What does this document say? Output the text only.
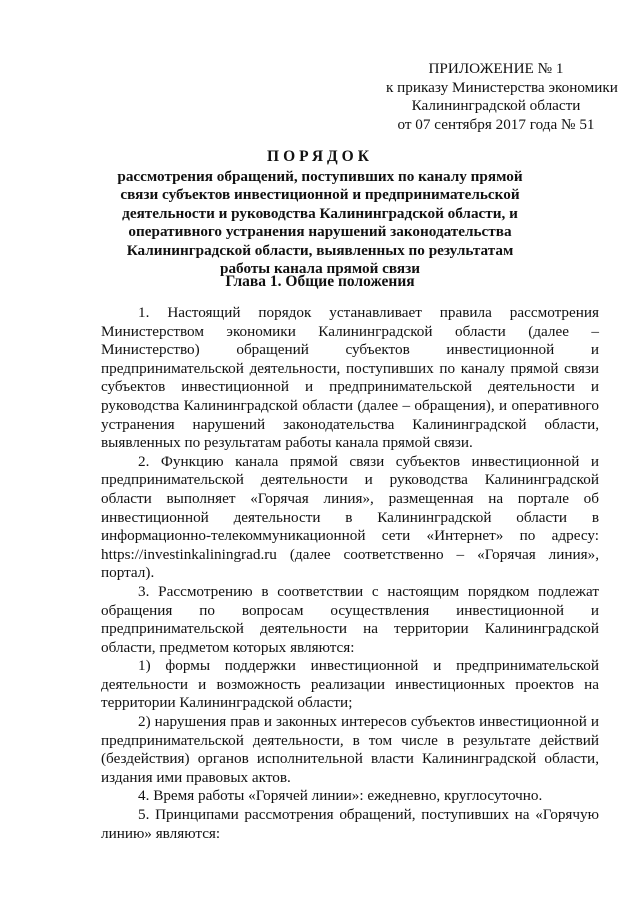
ПРИЛОЖЕНИЕ № 1
к приказу Министерства экономики
Калининградской области
от 07 сентября 2017 года № 51
ПОРЯДОК
рассмотрения обращений, поступивших по каналу прямой связи субъектов инвестиционной и предпринимательской деятельности и руководства Калининградской области, и оперативного устранения нарушений законодательства Калининградской области, выявленных по результатам работы канала прямой связи
Глава 1. Общие положения

1. Настоящий порядок устанавливает правила рассмотрения Министерством экономики Калининградской области (далее – Министерство) обращений субъектов инвестиционной и предпринимательской деятельности, поступивших по каналу прямой связи субъектов инвестиционной и предпринимательской деятельности и руководства Калининградской области (далее – обращения), и оперативного устранения нарушений законодательства Калининградской области, выявленных по результатам работы канала прямой связи.

2. Функцию канала прямой связи субъектов инвестиционной и предпринимательской деятельности и руководства Калининградской области выполняет «Горячая линия», размещенная на портале об инвестиционной деятельности в Калининградской области в информационно-телекоммуникационной сети «Интернет» по адресу: https://investinkaliningrad.ru (далее соответственно – «Горячая линия», портал).

3. Рассмотрению в соответствии с настоящим порядком подлежат обращения по вопросам осуществления инвестиционной и предпринимательской деятельности на территории Калининградской области, предметом которых являются:

1) формы поддержки инвестиционной и предпринимательской деятельности и возможность реализации инвестиционных проектов на территории Калининградской области;

2) нарушения прав и законных интересов субъектов инвестиционной и предпринимательской деятельности, в том числе в результате действий (бездействия) органов исполнительной власти Калининградской области, издания ими правовых актов.

4. Время работы «Горячей линии»: ежедневно, круглосуточно.

5. Принципами рассмотрения обращений, поступивших на «Горячую линию» являются:
